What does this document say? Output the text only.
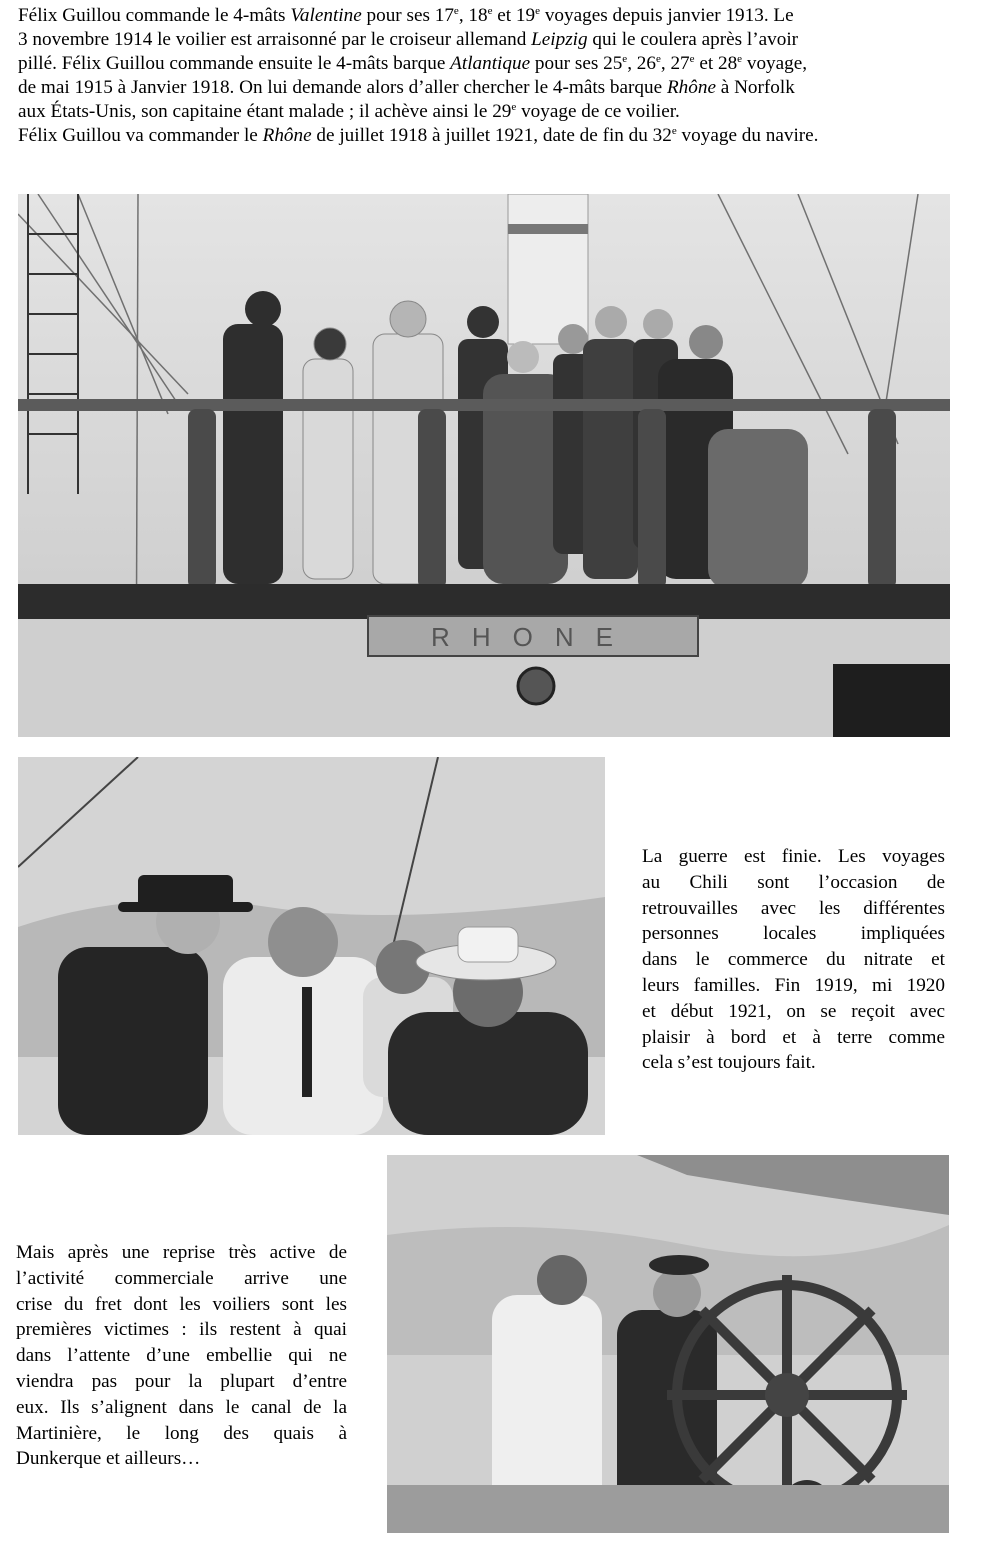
Félix Guillou commande le 4-mâts Valentine pour ses 17e, 18e et 19e voyages depuis janvier 1913. Le
3 novembre 1914 le voilier est arraisonné par le croiseur allemand Leipzig qui le coulera après l’avoir
pillé. Félix Guillou commande ensuite le 4-mâts barque Atlantique pour ses 25e, 26e, 27e et 28e voyage,
de mai 1915 à Janvier 1918. On lui demande alors d’aller chercher le 4-mâts barque Rhône à Norfolk
aux États-Unis, son capitaine étant malade ; il achève ainsi le 29e voyage de ce voilier.
Félix Guillou va commander le Rhône de juillet 1918 à juillet 1921, date de fin du 32e voyage du navire.

RHONE

La guerre est finie. Les voyages
au Chili sont l’occasion de
retrouvailles avec les différentes
personnes locales impliquées
dans le commerce du nitrate et
leurs familles. Fin 1919, mi 1920
et début 1921, on se reçoit avec
plaisir à bord et à terre comme
cela s’est toujours fait.

Mais après une reprise très active de
l’activité commerciale arrive une
crise du fret dont les voiliers sont les
premières victimes : ils restent à quai
dans l’attente d’une embellie qui ne
viendra pas pour la plupart d’entre
eux. Ils s’alignent dans le canal de la
Martinière, le long des quais à
Dunkerque et ailleurs…
